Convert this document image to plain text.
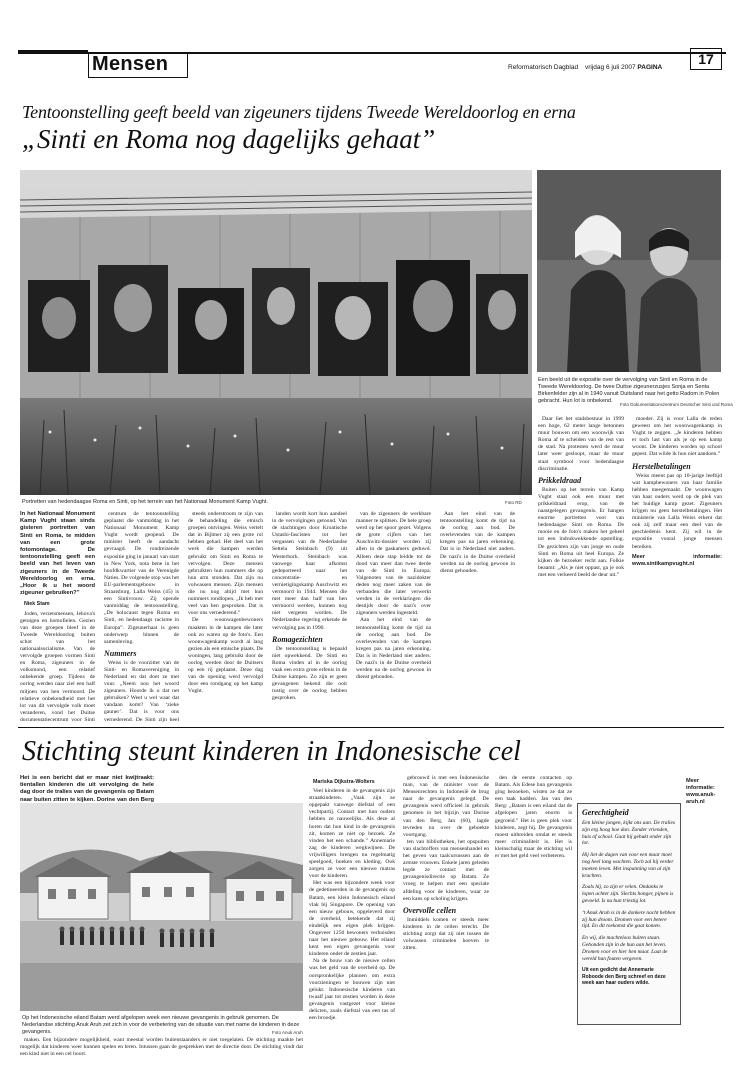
Mensen	Reformatorisch Dagblad vrijdag 6 juli 2007 PAGINA
17
Tentoonstelling geeft beeld van zigeuners tijdens Tweede Wereldoorlog en erna
„Sinti en Roma nog dagelijks gehaat”
Portretten van hedendaagse Roma en Sinti, op het terrein van het Nationaal Monument Kamp Vught.	Foto RD
Een beeld uit de expositie over de vervolging van Sinti en Roma in de Tweede Wereldoorlog. De twee Duitse zigeunerzusjes Sonja en Senta Birkenfelder zijn al in 1940 vanuit Duitsland naar het getto Radom in Polen gebracht. Hun lot is onbekend.
Foto Dokumentationszentrum Deutscher Sinti und Roma

In het Nationaal Monument Kamp Vught staan sinds gisteren portretten van Sinti en Roma, te midden van een grote fotomontage. De tentoonstelling geeft een beeld van het leven van zigeuners in de Tweede Wereldoorlog en erna. „Hoor ik u het woord zigeuner gebruiken?”

Niek Stam

Joden, verzetsmensen, Jehova's getuigen en homofielen. Gezien van deze groepen bleef in de Tweede Wereldoorlog buiten schot van het nationaalsocialisme. Van de vervolgde groepen vormen Sinti en Roma, zigeuners in de volksmond, een relatief onbekende groep. Tijdens de oorlog werden naar ziel een half miljoen van hen vermoord. De relatieve onbekendheid met het lot van dit vervolgde volk moet veranderen, vond het Duitse documentatiecentrum voor Sinti

centrum de tentoonstelling geplaatst die vanmiddag in het Nationaal Monument Kamp Vught wordt geopend. De minister heeft de aandacht gevraagd. De rondreizende expositie ging in januari van start in New York, nota bene in het hoofdkwartier van de Verenigde Naties. De volgende stop was het EU-parlementsgebouw in Straatsburg. Lalla Weiss (45) is een Sintivrouw. Zij opende vanmiddag de tentoonstelling. „De holocaust tegen Roma en Sinti, en hedendaags racisme in Europa”. Zigeunerhaat is geen onderwerp binnen de samenleving.

Nummers

Weiss is de voorzitter van de Sinti- en Romavereniging in Nederland en dat doet ze met vuur. „Neem nou het woord zigeuners. Hoorde ik u dat net gebruiken? Weet u wel waar dat vandaan komt? Van ‘zieke gauner’. Dat is voor ons vernederend. De Sinti zijn heel

steeds onderstroom te zijn van de behandeling die etnisch groepen ontvingen. Weiss vertelt dat in Bijlmer zij een grote rol hebben gehad. Het deel van het werk die kampen werden gebruikt om Sinti en Roma te vervolgen. Deze mensen gebruikten hun nummers die op hun arm stonden. Dat zijn nu volwassen mensen. Zijn mensen die nu nog altijd met hun nummers rondlopen. „Ik heb met veel van hen gesproken. Dat is voor ons vernederend.”

De woonwagenbewoners maakten in de kampen die later ook zo waren op de foto's. Een woonwagenkamp wordt al lang gezien als een etnische plaats. De woningen, lang gebruikt door de oorlog werden door de Duitsers op een rij geplaatst. Deze dag van de opening werd vervolgd door een rondgang op het kamp Vught.

landen wordt kort hun aandeel in de vervolgingen getoond. Van de slachtingen door Kroatische Ustashi-fascisten tot het vergassen van de Nederlandse Settela Steinbach (9) uit Westerbork. Steinbach was vanwege haar afkomst gedeporteerd naar het concentratie- en vernietigingskamp Auschwitz en vermoord in 1944. Mensen die met meer dan half van hen vermoord werden, kunnen nog niet vergeten worden. De Nederlandse regering erkende de vervolging pas in 1990.

Romagezichten

De tentoonstelling is bepaald niet opwekkend. De Sinti en Roma vinden al in de oorlog vaak een extra grote erfenis in de Duitse kampen. Zo zijn er geen gevangenen bekend die ooit rustig over de oorlog hebben gesproken.

van de zigeuners de werkbare manner te splitsen. De hele groep werd op het spoor gezet. Volgens de grote cijfers van het Auschwitz-dossier worden zij allen in de gaskamers geduwd. Alleen deze stap leidde tot de dood van meer dan twee derde van de Sinti in Europa. Valgenoten van de nazidokter deden nog meer zaken van de verbanden die later verwerkt werden in de verklaringen die destijds door de nazi's over zigeuners werden ingesteld.

Aan het eind van de tentoonstelling komt de tijd na de oorlog aan bod. De overlevenden van de kampen kregen pas na jaren erkenning. Dat is in Nederland niet anders. De nazi's in de Duitse overheid werden na de oorlog gewoon in dienst gehouden.

Aan het eind van de tentoonstelling komt de tijd na de oorlog aan bod. De overlevenden van de kampen kregen pas na jaren erkenning. Dat is in Nederland niet anders. De nazi's in de Duitse overheid werden na de oorlog gewoon in dienst gehouden.

Daar liet het stadsbestuur in 1999 een hoge, 62 meter lange betonnen muur bouwen om een woonwijk van Roma af te scheiden van de rest van de stad. Na protesten werd de muur later weer gesloopt, maar de muur staat symbool voor hedendaagse discriminatie.

Prikkeldraad

Buiten op het terrein van Kamp Vught staat ook een muur met prikkeldraad erop, van de naastgelegen gevangenis. Er hangen enorme portretten voor van hedendaagse Sinti en Roma. De mooie en de foto's maken het geheel tot een indrukwekkende opstelling. De gezichten zijn van jonge en oude Sinti en Roma uit heel Europa. Ze kijken de bezoeker recht aan. Folkie beaamt: „Als je niet oppast, ga je ook met een verkeerd beeld de deur uit.”

moeder. Zij is voor Lalla de reden geweest om het woonwagenkamp in Vught te zeggen. „Je kinderen hebben er toch last van als je op een kamp woont. De kinderen worden op school gepest. Dat wilde ik hun niet aandoen.”

Herstelbetalingen

Weiss meent pas op 10-jarige leeftijd wat kampbewoners van haar familie hebben meegemaakt. De woonwagen van haar ouders werd op de plek van het huidige kamp gezet. Zigeuners krijgen nu geen herstelbetalingen. Het ministerie van Lalla Weiss erkent dat ook zij zelf maar een deel van de geschiedenis kent. Zij wil in de expositie vooral jonge mensen bereiken.

Meer informatie: www.sintikampvught.nl

Stichting steunt kinderen in Indonesische cel

Het is een bericht dat er maar niet kwijtraakt: tientallen kinderen die uit vervolging de hele dag door de tralies van de gevangenis op Batam naar buiten zitten te kijken. Dorine van den Berg

Op het Indonesische eiland Batam werd afgelopen week een nieuwe gevangenis in gebruik genomen. De Nederlandse stichting Anuk Aruh zet zich in voor de verbetering van de situatie van met name de kinderen in deze gevangenis.	Foto Anuk Aruh

maken. Een bijzondere mogelijkheid, want meestal worden buitenstaanders er niet toegelaten. De stichting maakte het mogelijk dat kinderen weer kunnen spelen en leren. Intussen gaan de gesprekken met de directie door. De stichting vindt dat een kind niet in een cel hoort.

Mariska Dijkstra-Wolters

Veel kinderen in de gevangenis zijn straatkinderen. „Vaak zijn ze opgepakt vanwege diefstal of een vechtpartij. Contact met hun ouders hebben ze nauwelijks. Als deze al horen dat hun kind in de gevangenis zit, komen ze niet op bezoek. Ze vinden het een schande.” Annemarie zag de kinderen wegkwijnen. De vrijwilligers brengen nu regelmatig speelgoed, boeken en kleding. Ook zorgen ze voor een nieuwe matras voor de kinderen.

Het was een bijzondere week voor de gedetineerden in de gevangenis op Batam, een klein Indonesisch eiland vlak bij Singapore. De opening van een nieuw gebouw, opgeleverd door de overheid, betekende dat zij eindelijk een eigen plek krijgen. Ongeveer 1250 bewoners verhuisden naar het nieuwe gebouw. Het eiland kent een eigen gevangenis voor kinderen onder de zestien jaar.

Na de bouw van de nieuwe cellen was het geld van de overheid op. De oorspronkelijke plannen om extra voorzieningen te bouwen zijn niet gelukt. Indonesische kinderen van twaalf jaar tot zestien worden in deze gevangenis vastgezet voor kleine delicten, zoals diefstal van een tas of een broodje.

gebrouwd is met een Indonesische man, van de minister voor de Mensenrechten in Indonesië de brug naar de gevangenis gelegd. De gevangenis werd officieel in gebruik genomen in het bijzijn van Dorine van den Berg, Jan (60), lagde tevreden na over de geboekte voortgang.

ten van bibliotheken, het opspuiten van slachtoffers van mensenhandel en het geven van taalcursussen aan de armste vrouwen. Enkele jaren geleden legde ze contact met de gevangenisdirectie op Batam. Ze vroeg te helpen met een speciale afdeling voor de kinderen, waar ze een kans op scholing krijgen.

Overvolle cellen

Inmiddels komen er steeds meer kinderen in de cellen terecht. De stichting zorgt dat zij niet tussen de volwassen criminelen hoeven te zitten.

den de eerste contacten op Batam. Als Edese hun gevangenis ging bezoeken, wisten ze dat ze een taak hadden. Jan van den Berg: „Batam is een eiland dat de afgelopen jaren enorm is gegroeid.” Het is geen plek voor kinderen, zegt hij. De gevangenis moest uitbreiden omdat er steeds meer criminaliteit is. Het is kleinschalig maar de stichting wil er met het geld veel verbeteren.

Gerechtigheid

Een kleine jongen, kijkt ons aan. De tralies zijn erg hoog hoe dan. Zonder vrienden, huis of school. Gaat hij gebukt onder zijn lot.

Hij liet de dagen van voor een maar moet nog heel lang wachten. Toch zal hij verder moeten leven. Met inspanning van al zijn krachten.

Zoals hij, zo zijn er velen. Ondanks te lopen achter zijn. Slechts honger, pijnen is gevoeld. Is nu hun triestig lot.

‘t Anuk Aruh is in de donkere nacht hebben zij hun droom. Dromen voor een betere tijd. En dit toekomst die gaat komen.

En wij, die machteloos buiten staan. Gebonden zijn in de hun aan het leven. Dromen voor en hier hen maar. Laat de wereld hun fouten vergeven.

Uit een gedicht dat Annemarie Roboode den Berg schreef en deze week aan haar ouders wilde.

Meer informatie: www.anuk-aruh.nl
